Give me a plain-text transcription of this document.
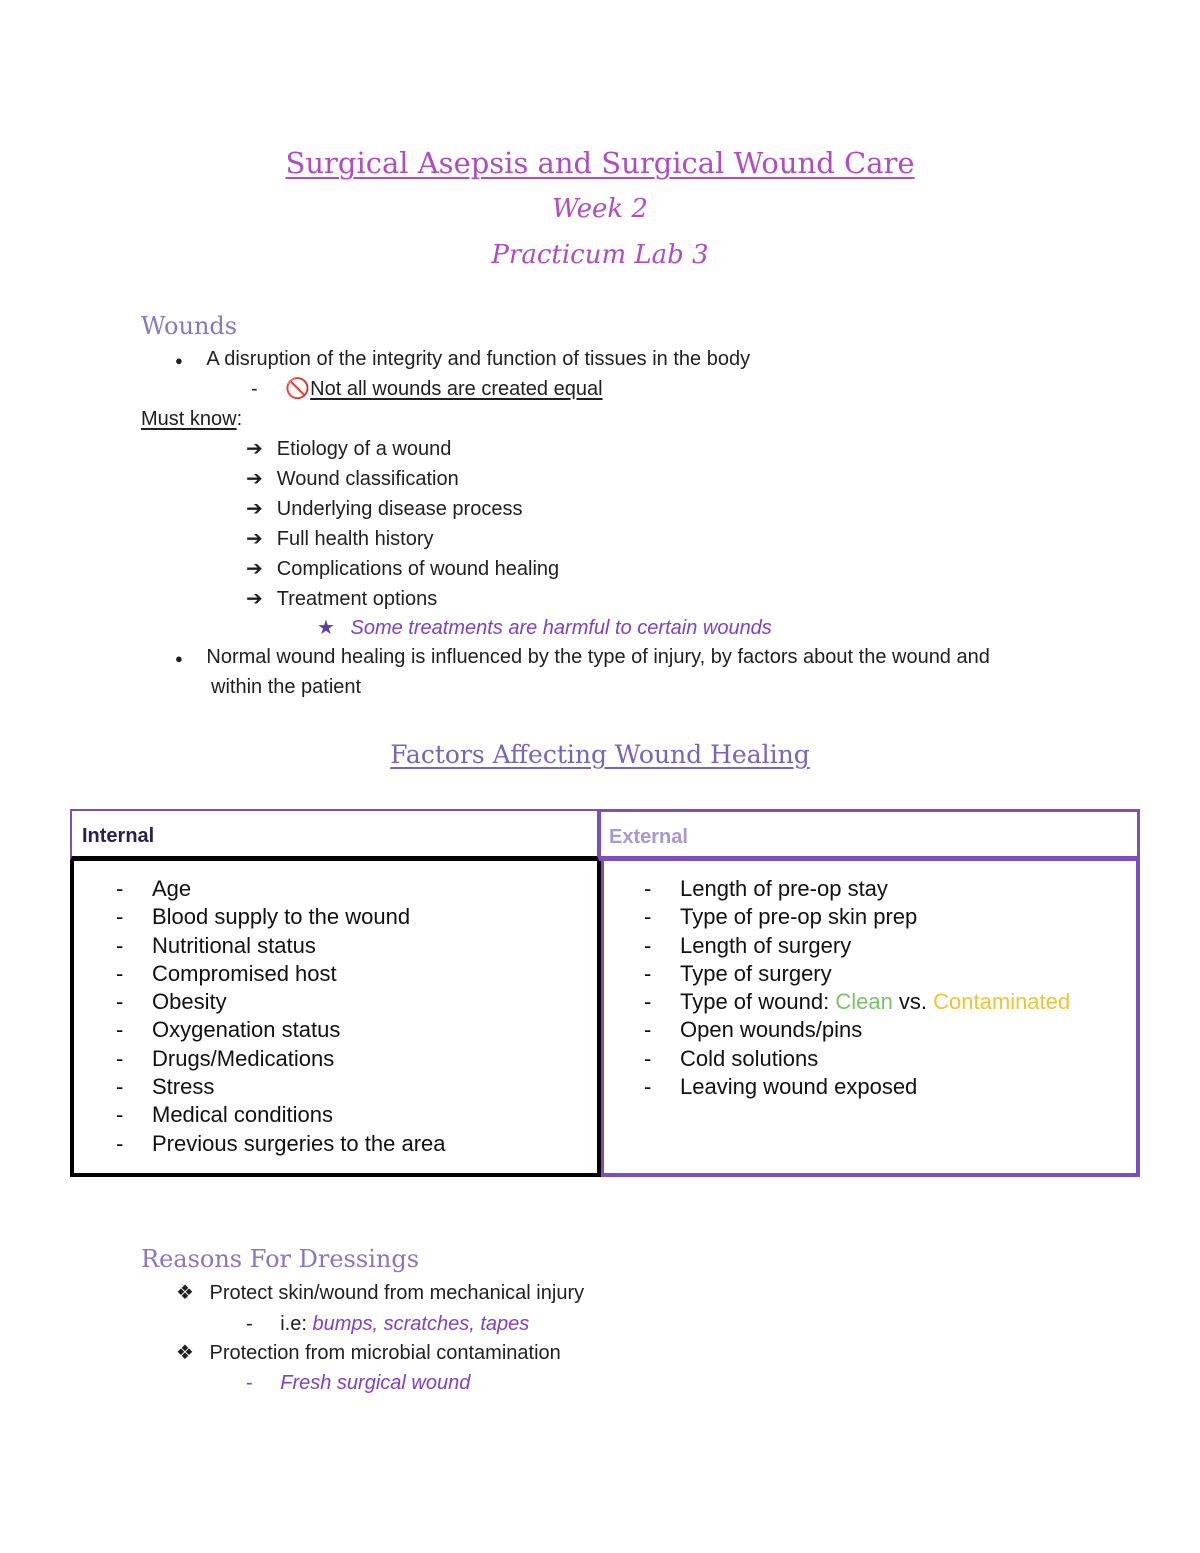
Surgical Asepsis and Surgical Wound Care
Week 2
Practicum Lab 3
Wounds
● A disruption of the integrity and function of tissues in the body
- 🚫Not all wounds are created equal
Must know:
➔ Etiology of a wound
➔ Wound classification
➔ Underlying disease process
➔ Full health history
➔ Complications of wound healing
➔ Treatment options
★ Some treatments are harmful to certain wounds
● Normal wound healing is influenced by the type of injury, by factors about the wound and
within the patient
Factors Affecting Wound Healing
Internal	External
- Age
- Blood supply to the wound
- Nutritional status
- Compromised host
- Obesity
- Oxygenation status
- Drugs/Medications
- Stress
- Medical conditions
- Previous surgeries to the area
- Length of pre-op stay
- Type of pre-op skin prep
- Length of surgery
- Type of surgery
- Type of wound: Clean vs. Contaminated
- Open wounds/pins
- Cold solutions
- Leaving wound exposed
Reasons For Dressings
❖ Protect skin/wound from mechanical injury
- i.e: bumps, scratches, tapes
❖ Protection from microbial contamination
- Fresh surgical wound
